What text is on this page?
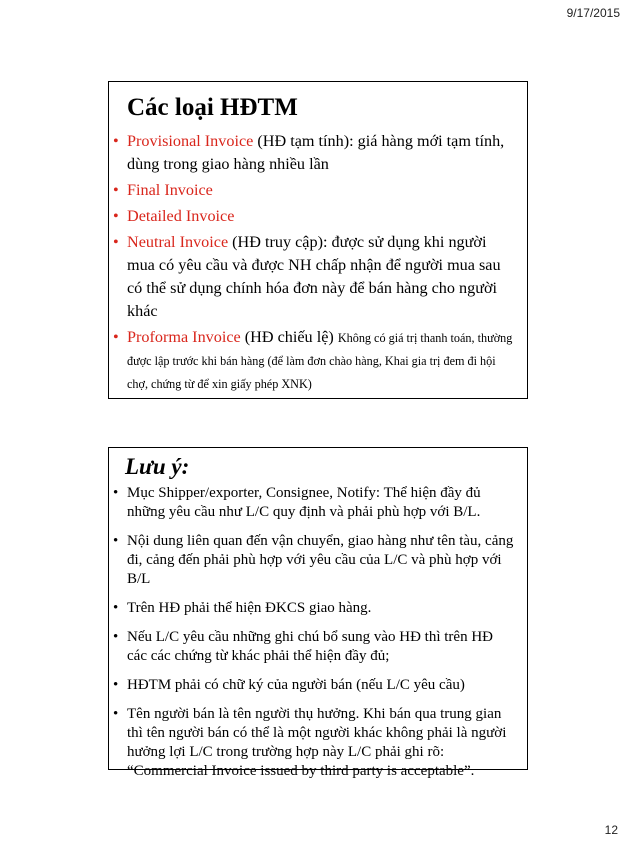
9/17/2015
Các loại HĐTM
• Provisional Invoice (HĐ tạm tính): giá hàng mới tạm tính, dùng trong giao hàng nhiều lần
• Final Invoice
• Detailed Invoice
• Neutral Invoice (HĐ truy cập): được sử dụng khi người mua có yêu cầu và được NH chấp nhận để người mua sau có thể sử dụng chính hóa đơn này để bán hàng cho người khác
• Proforma Invoice (HĐ chiếu lệ) Không có giá trị thanh toán, thường được lập trước khi bán hàng (để làm đơn chào hàng, Khai gia trị đem đi hội chợ, chứng từ để xin giấy phép XNK)
Lưu ý:
• Mục Shipper/exporter, Consignee, Notify: Thể hiện đầy đủ những yêu cầu như L/C quy định và phải phù hợp với B/L.
• Nội dung liên quan đến vận chuyển, giao hàng như tên tàu, cảng đi, cảng đến phải phù hợp với yêu cầu của L/C và phù hợp với B/L
• Trên HĐ phải thể hiện ĐKCS giao hàng.
• Nếu L/C yêu cầu những ghi chú bổ sung vào HĐ thì trên HĐ các các chứng từ khác phải thể hiện đầy đủ;
• HĐTM phải có chữ ký của người bán (nếu L/C yêu cầu)
• Tên người bán là tên người thụ hưởng. Khi bán qua trung gian thì tên người bán có thể là một người khác không phải là người hưởng lợi L/C trong trường hợp này L/C phải ghi rõ: “Commercial Invoice issued by third party is acceptable”.
12
